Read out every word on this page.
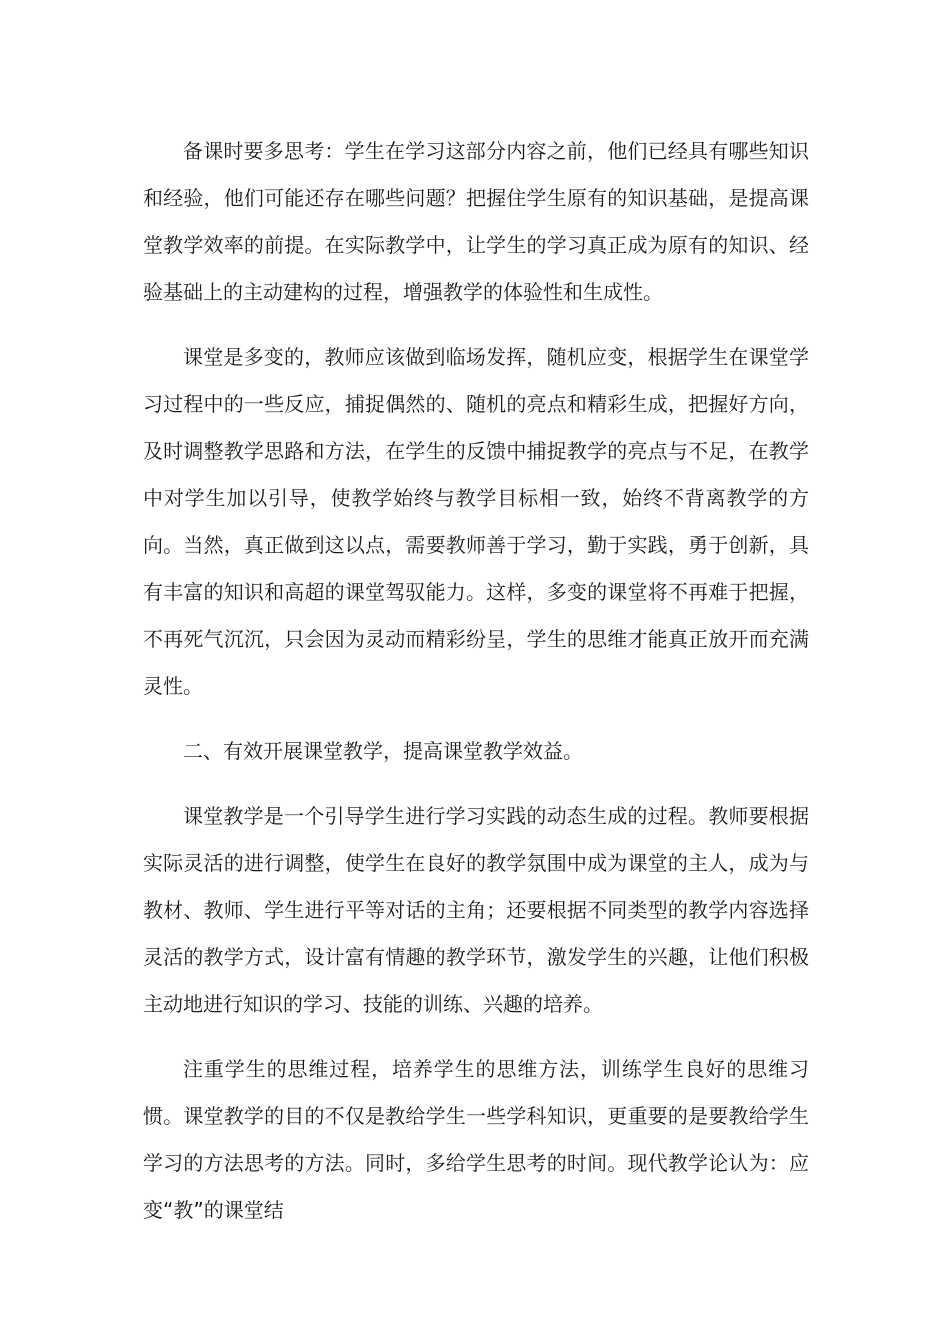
备课时要多思考：学生在学习这部分内容之前，他们已经具有哪些知识和经验，他们可能还存在哪些问题？把握住学生原有的知识基础，是提高课堂教学效率的前提。在实际教学中，让学生的学习真正成为原有的知识、经验基础上的主动建构的过程，增强教学的体验性和生成性。

课堂是多变的，教师应该做到临场发挥，随机应变，根据学生在课堂学习过程中的一些反应，捕捉偶然的、随机的亮点和精彩生成，把握好方向，及时调整教学思路和方法，在学生的反馈中捕捉教学的亮点与不足，在教学中对学生加以引导，使教学始终与教学目标相一致，始终不背离教学的方向。当然，真正做到这以点，需要教师善于学习，勤于实践，勇于创新，具有丰富的知识和高超的课堂驾驭能力。这样，多变的课堂将不再难于把握，不再死气沉沉，只会因为灵动而精彩纷呈，学生的思维才能真正放开而充满灵性。

二、有效开展课堂教学，提高课堂教学效益。

课堂教学是一个引导学生进行学习实践的动态生成的过程。教师要根据实际灵活的进行调整，使学生在良好的教学氛围中成为课堂的主人，成为与教材、教师、学生进行平等对话的主角；还要根据不同类型的教学内容选择灵活的教学方式，设计富有情趣的教学环节，激发学生的兴趣，让他们积极主动地进行知识的学习、技能的训练、兴趣的培养。

注重学生的思维过程，培养学生的思维方法，训练学生良好的思维习惯。课堂教学的目的不仅是教给学生一些学科知识，更重要的是要教给学生学习的方法思考的方法。同时，多给学生思考的时间。现代教学论认为：应变“教”的课堂结
